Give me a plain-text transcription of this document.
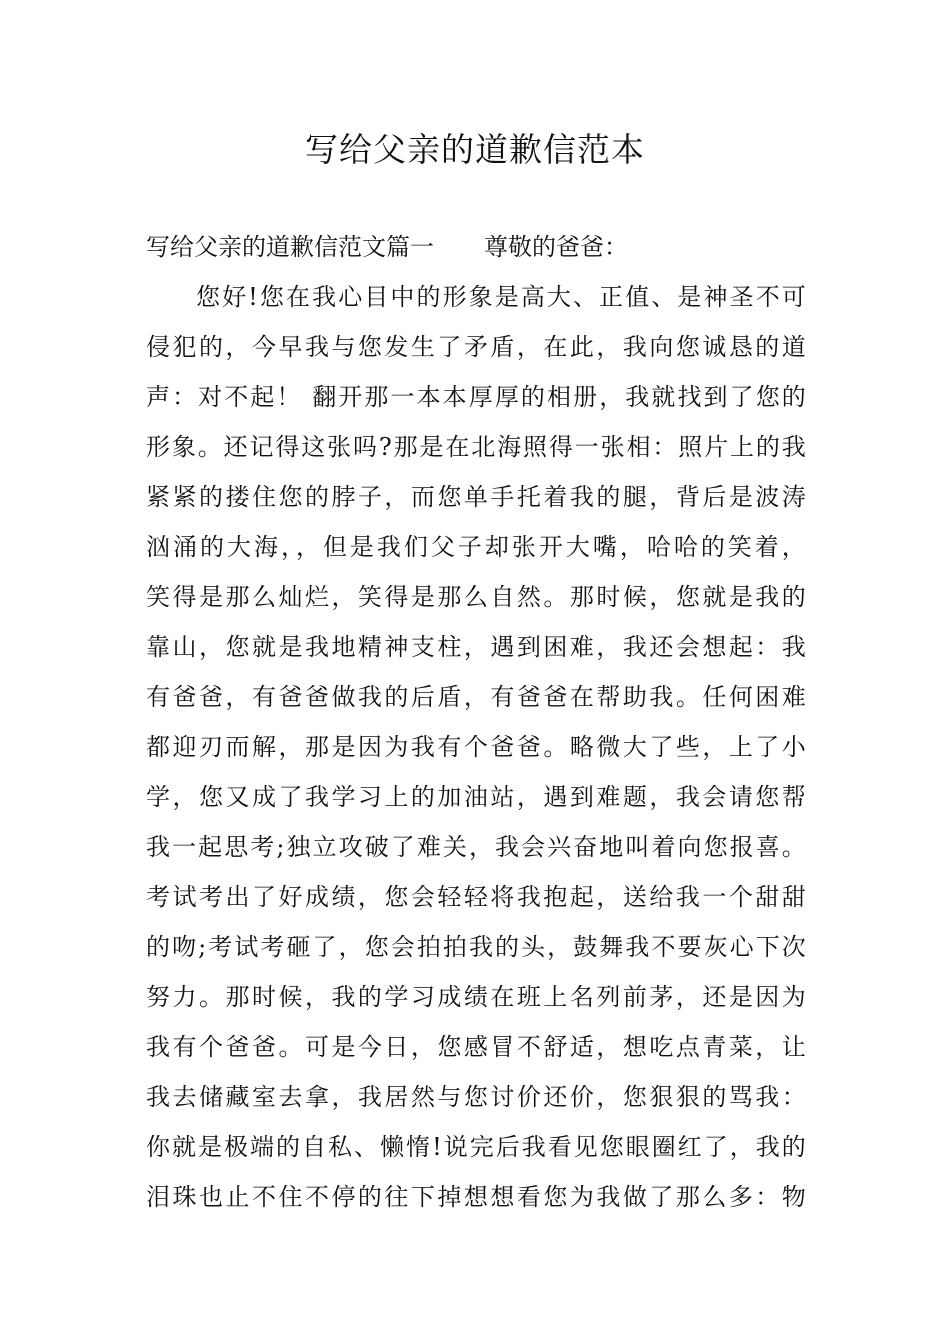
写给父亲的道歉信范本
写给父亲的道歉信范文篇一 尊敬的爸爸：
您好!您在我心目中的形象是高大、正值、是神圣不可
侵犯的，今早我与您发生了矛盾，在此，我向您诚恳的道
声：对不起！ 翻开那一本本厚厚的相册，我就找到了您的
形象。还记得这张吗?那是在北海照得一张相：照片上的我
紧紧的搂住您的脖子，而您单手托着我的腿，背后是波涛
汹涌的大海，，但是我们父子却张开大嘴，哈哈的笑着，
笑得是那么灿烂，笑得是那么自然。那时候，您就是我的
靠山，您就是我地精神支柱，遇到困难，我还会想起：我
有爸爸，有爸爸做我的后盾，有爸爸在帮助我。任何困难
都迎刃而解，那是因为我有个爸爸。略微大了些，上了小
学，您又成了我学习上的加油站，遇到难题，我会请您帮
我一起思考;独立攻破了难关，我会兴奋地叫着向您报喜。
考试考出了好成绩，您会轻轻将我抱起，送给我一个甜甜
的吻;考试考砸了，您会拍拍我的头，鼓舞我不要灰心下次
努力。那时候，我的学习成绩在班上名列前茅，还是因为
我有个爸爸。可是今日，您感冒不舒适，想吃点青菜，让
我去储藏室去拿，我居然与您讨价还价，您狠狠的骂我：
你就是极端的自私、懒惰!说完后我看见您眼圈红了，我的
泪珠也止不住不停的往下掉想想看您为我做了那么多：物
